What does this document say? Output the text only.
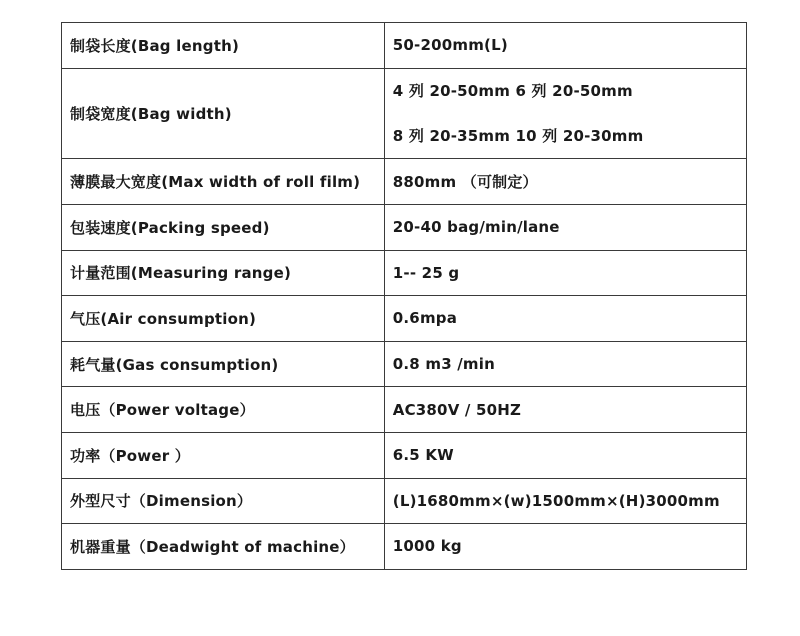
制袋长度(Bag length)	50-200mm(L)
制袋宽度(Bag width)	4 列 20-50mm 6 列 20-50mm
8 列 20-35mm 10 列 20-30mm

薄膜最大宽度(Max width of roll film)	880mm （可制定）
包装速度(Packing speed)	20-40 bag/min/lane
计量范围(Measuring range)	1-- 25 g
气压(Air consumption)	0.6mpa
耗气量(Gas consumption)	0.8 m3 /min
电压（Power voltage）	AC380V / 50HZ
功率（Power ）	6.5 KW
外型尺寸（Dimension）	(L)1680mm×(w)1500mm×(H)3000mm
机器重量（Deadwight of machine）	1000 kg
